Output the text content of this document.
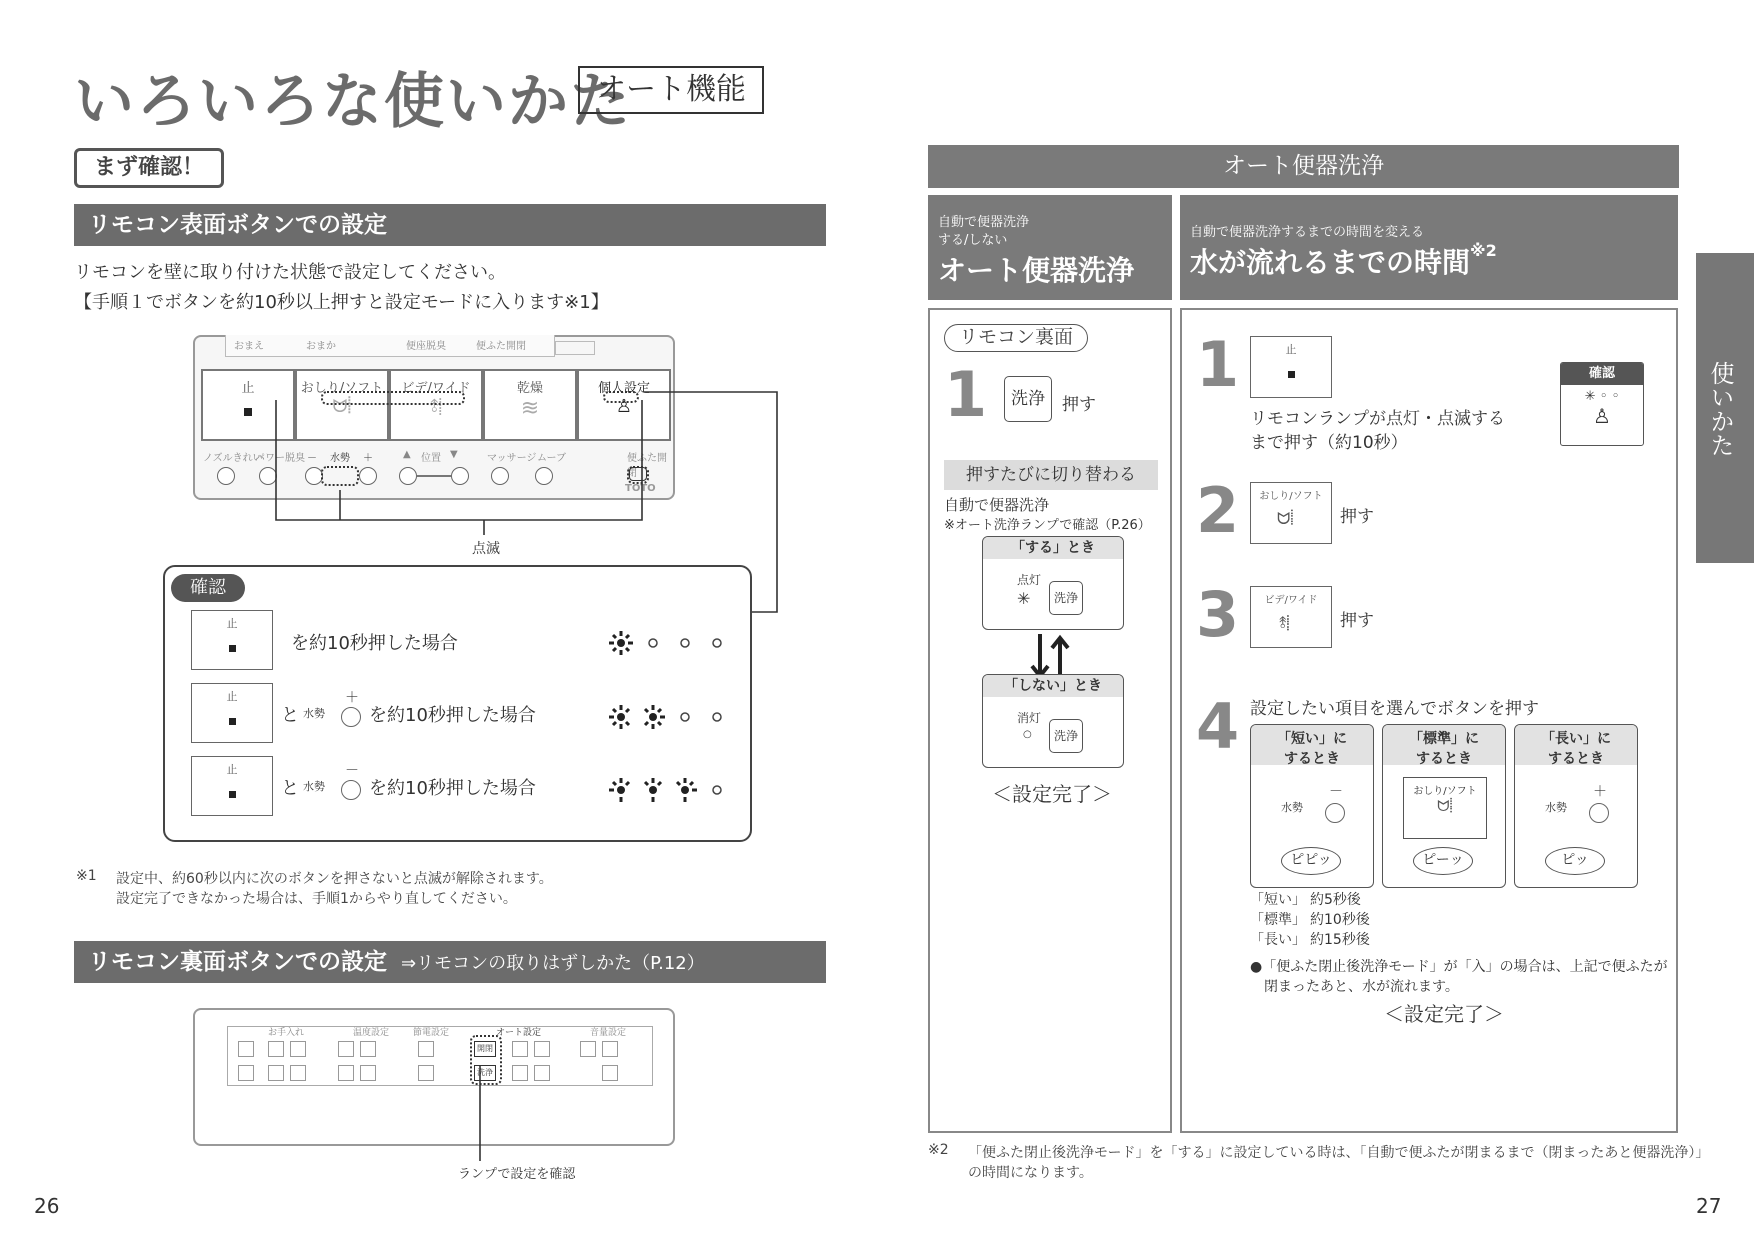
いろいろな使いかた
オート機能
まず確認！
リモコン表面ボタンでの設定
リモコンを壁に取り付けた状態で設定してください。
【手順１でボタンを約10秒以上押すと設定モードに入ります※1】
おまえ	おまか	便座脱臭	便ふた開閉
止	おしり/ソフト
ᗢ⸽
ビデ/ワイド
⥉⸽
乾燥
≋
個人設定
♙
ノズルきれい
パワー脱臭 － 水勢 ＋	▲ 位置 ▼	マッサージ ムーブ	便ふた開閉
TOTO
点滅
確認
止
を約10秒押した場合
止
と 水勢
＋
を約10秒押した場合
止
と 水勢
－
を約10秒押した場合
※1 設定中、約60秒以内に次のボタンを押さないと点滅が解除されます。
設定完了できなかった場合は、手順1からやり直してください。
リモコン裏面ボタンでの設定 ⇒リモコンの取りはずしかた（P.12）
お手入れ	温度設定	節電設定	オート設定	音量設定
開閉
洗浄
ランプで設定を確認
26
オート便器洗浄
自動で便器洗浄
する/しない
オート便器洗浄
自動で便器洗浄するまでの時間を変える
水が流れるまでの時間$^{※2}$
リモコン裏面
1	洗浄	押す
押すたびに切り替わる
自動で便器洗浄
※オート洗浄ランプで確認（P.26）
「する」とき
点灯
✳	洗浄
「しない」とき
消灯
○	洗浄
＜設定完了＞
1	止
リモコンランプが点灯・点滅する
まで押す（約10秒）
確認
✳ ◦ ◦
♙
2	おしり/ソフト
ᗢ⸽	押す
3	ビデ/ワイド
⥉⸽	押す
4 設定したい項目を選んでボタンを押す
「短い」に
するとき
水勢
－
ピピッ
「標準」に
するとき
おしり/ソフト
ᗢ⸽
ピーッ
「長い」に
するとき
水勢
＋
ピッ
「短い」 約5秒後
「標準」 約10秒後
「長い」 約15秒後
●「便ふた閉止後洗浄モード」が「入」の場合は、上記で便ふたが
閉まったあと、水が流れます。
＜設定完了＞
※2 「便ふた閉止後洗浄モード」を「する」に設定している時は、「自動で便ふたが閉まるまで（閉まったあと便器洗浄）」
の時間になります。
使いかた
27
